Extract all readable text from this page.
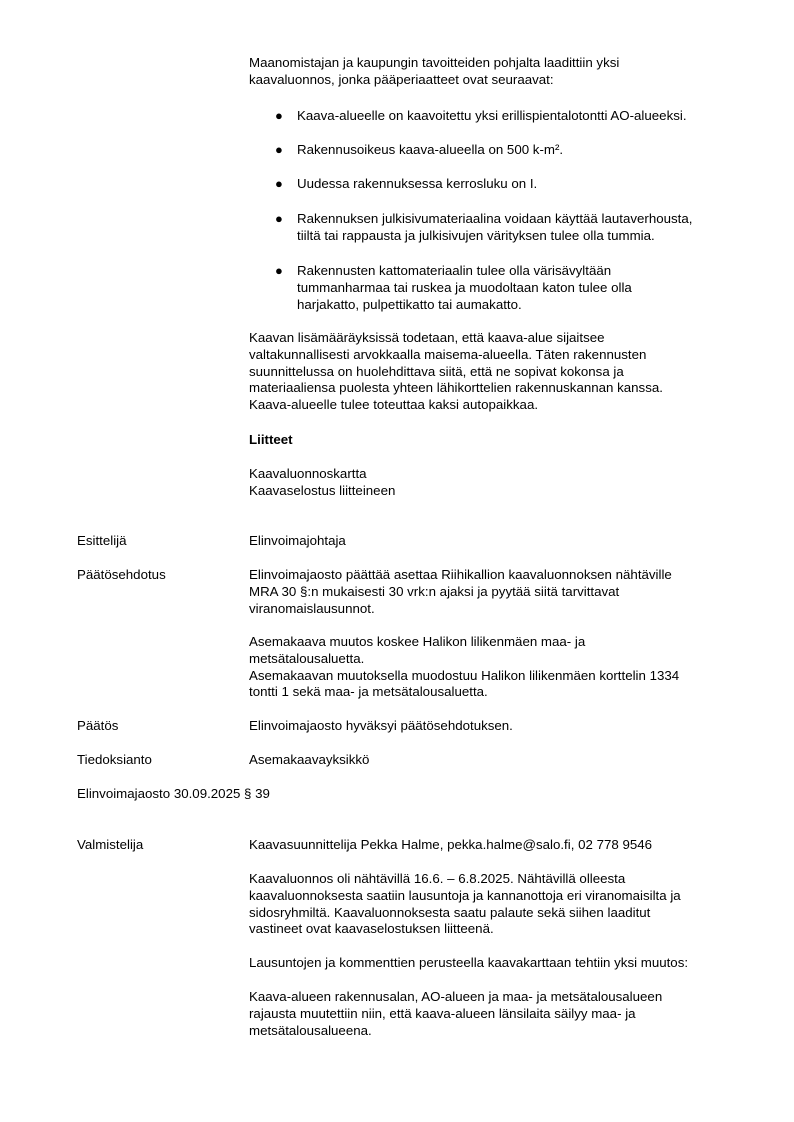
Maanomistajan ja kaupungin tavoitteiden pohjalta laadittiin yksi
kaavaluonnos, jonka pääperiaatteet ovat seuraavat:

●	Kaava-alueelle on kaavoitettu yksi erillispientalotontti AO-alueeksi.
●	Rakennusoikeus kaava-alueella on 500 k-m².
●	Uudessa rakennuksessa kerrosluku on I.
●	Rakennuksen julkisivumateriaalina voidaan käyttää lautaverhousta,
tiiltä tai rappausta ja julkisivujen värityksen tulee olla tummia.
●	Rakennusten kattomateriaalin tulee olla värisävyltään
tummanharmaa tai ruskea ja muodoltaan katon tulee olla
harjakatto, pulpettikatto tai aumakatto.

Kaavan lisämääräyksissä todetaan, että kaava-alue sijaitsee
valtakunnallisesti arvokkaalla maisema-alueella. Täten rakennusten
suunnittelussa on huolehdittava siitä, että ne sopivat kokonsa ja
materiaaliensa puolesta yhteen lähikorttelien rakennuskannan kanssa.
Kaava-alueelle tulee toteuttaa kaksi autopaikkaa.

Liitteet

Kaavaluonnoskartta

Kaavaselostus liitteineen

Esittelijä	Elinvoimajohtaja

Päätösehdotus	Elinvoimajaosto päättää asettaa Riihikallion kaavaluonnoksen nähtäville
MRA 30 §:n mukaisesti 30 vrk:n ajaksi ja pyytää siitä tarvittavat
viranomaislausunnot.

Asemakaava muutos koskee Halikon lilikenmäen maa- ja
metsätalousaluetta.
Asemakaavan muutoksella muodostuu Halikon lilikenmäen korttelin 1334
tontti 1 sekä maa- ja metsätalousaluetta.

Päätös	Elinvoimajaosto hyväksyi päätösehdotuksen.

Tiedoksianto	Asemakaavayksikkö

Elinvoimajaosto 30.09.2025 § 39

Valmistelija	Kaavasuunnittelija Pekka Halme, pekka.halme@salo.fi, 02 778 9546

Kaavaluonnos oli nähtävillä 16.6. – 6.8.2025. Nähtävillä olleesta
kaavaluonnoksesta saatiin lausuntoja ja kannanottoja eri viranomaisilta ja
sidosryhmiltä. Kaavaluonnoksesta saatu palaute sekä siihen laaditut
vastineet ovat kaavaselostuksen liitteenä.

Lausuntojen ja kommenttien perusteella kaavakarttaan tehtiin yksi muutos:

Kaava-alueen rakennusalan, AO-alueen ja maa- ja metsätalousalueen
rajausta muutettiin niin, että kaava-alueen länsilaita säilyy maa- ja
metsätalousalueena.
